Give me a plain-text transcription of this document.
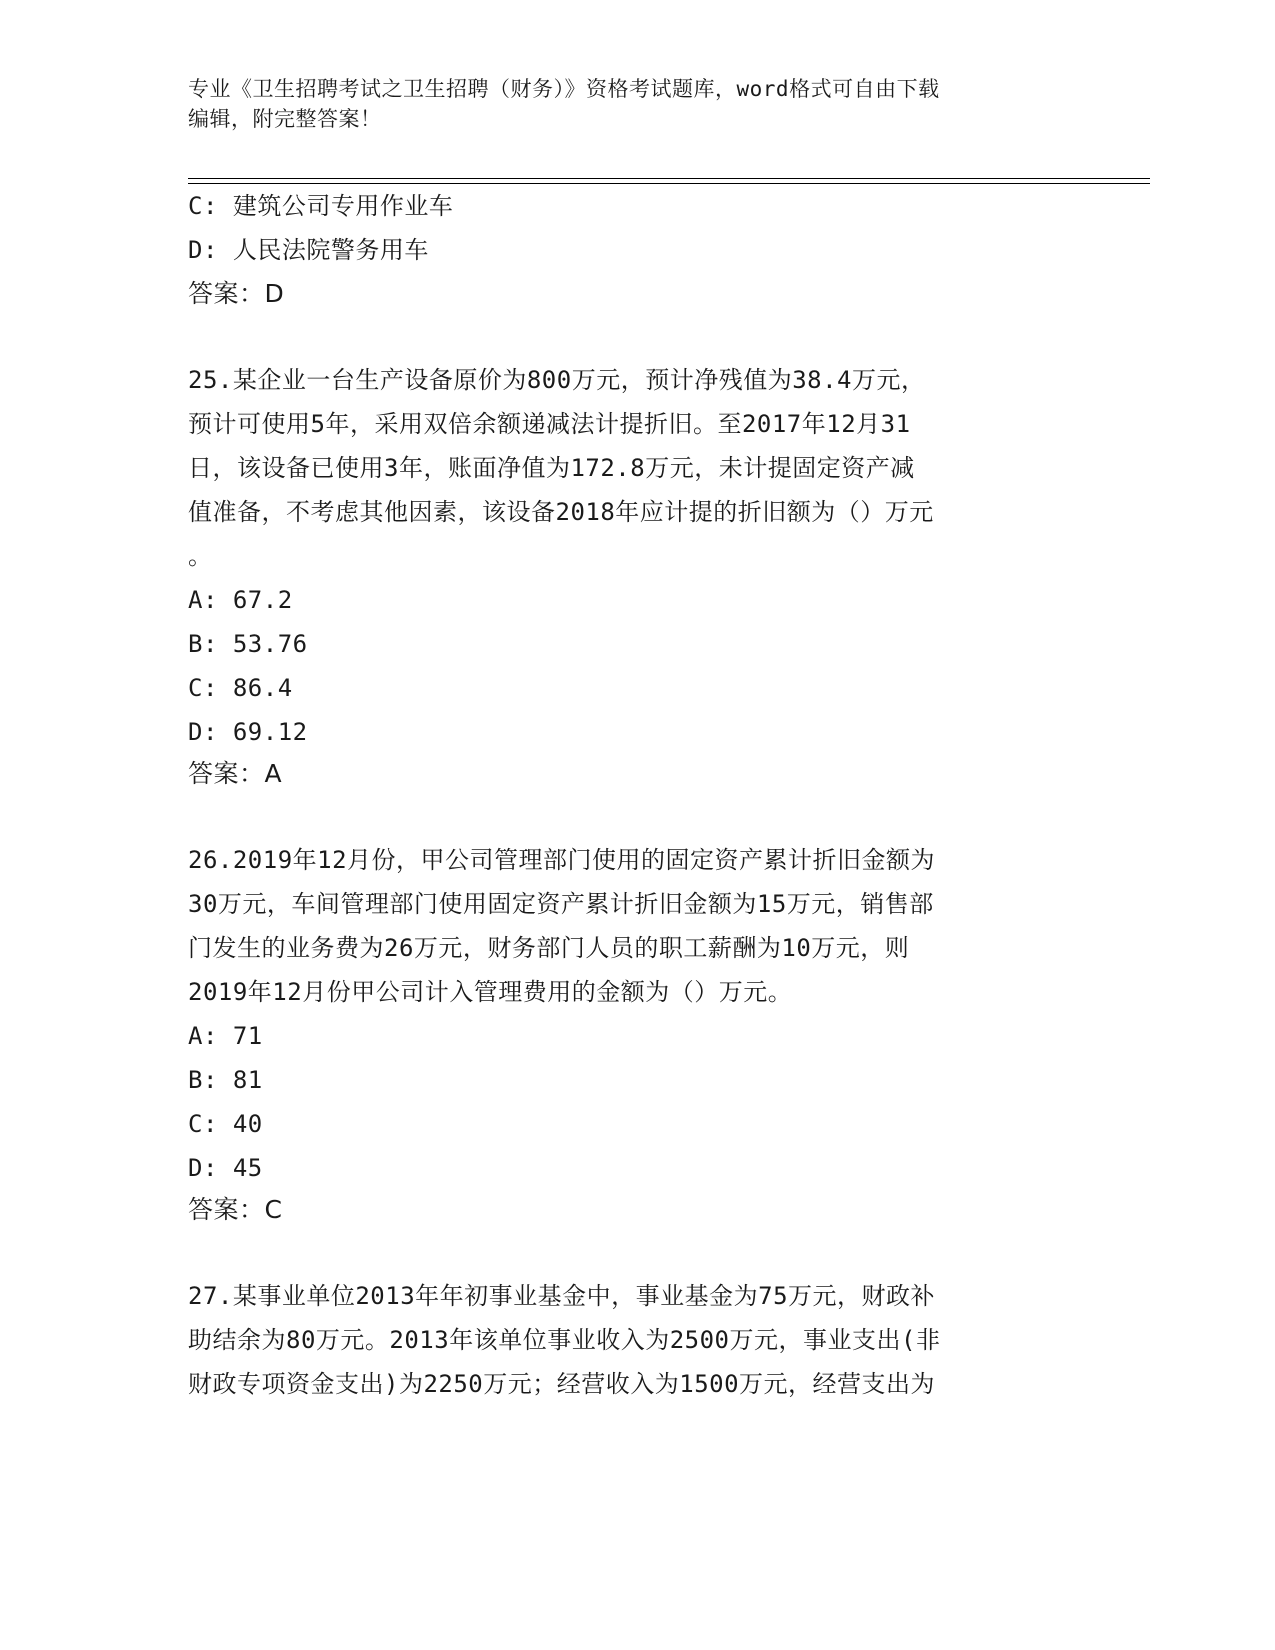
专业《卫生招聘考试之卫生招聘（财务）》资格考试题库，word格式可自由下载
编辑，附完整答案！
C: 建筑公司专用作业车
D: 人民法院警务用车
答案：D
25.某企业一台生产设备原价为800万元，预计净残值为38.4万元，
预计可使用5年，采用双倍余额递减法计提折旧。至2017年12月31
日，该设备已使用3年，账面净值为172.8万元，未计提固定资产减
值准备，不考虑其他因素，该设备2018年应计提的折旧额为（）万元
。
A: 67.2
B: 53.76
C: 86.4
D: 69.12
答案：A
26.2019年12月份，甲公司管理部门使用的固定资产累计折旧金额为
30万元，车间管理部门使用固定资产累计折旧金额为15万元，销售部
门发生的业务费为26万元，财务部门人员的职工薪酬为10万元，则
2019年12月份甲公司计入管理费用的金额为（）万元。
A: 71
B: 81
C: 40
D: 45
答案：C
27.某事业单位2013年年初事业基金中，事业基金为75万元，财政补
助结余为80万元。2013年该单位事业收入为2500万元，事业支出(非
财政专项资金支出)为2250万元；经营收入为1500万元，经营支出为
